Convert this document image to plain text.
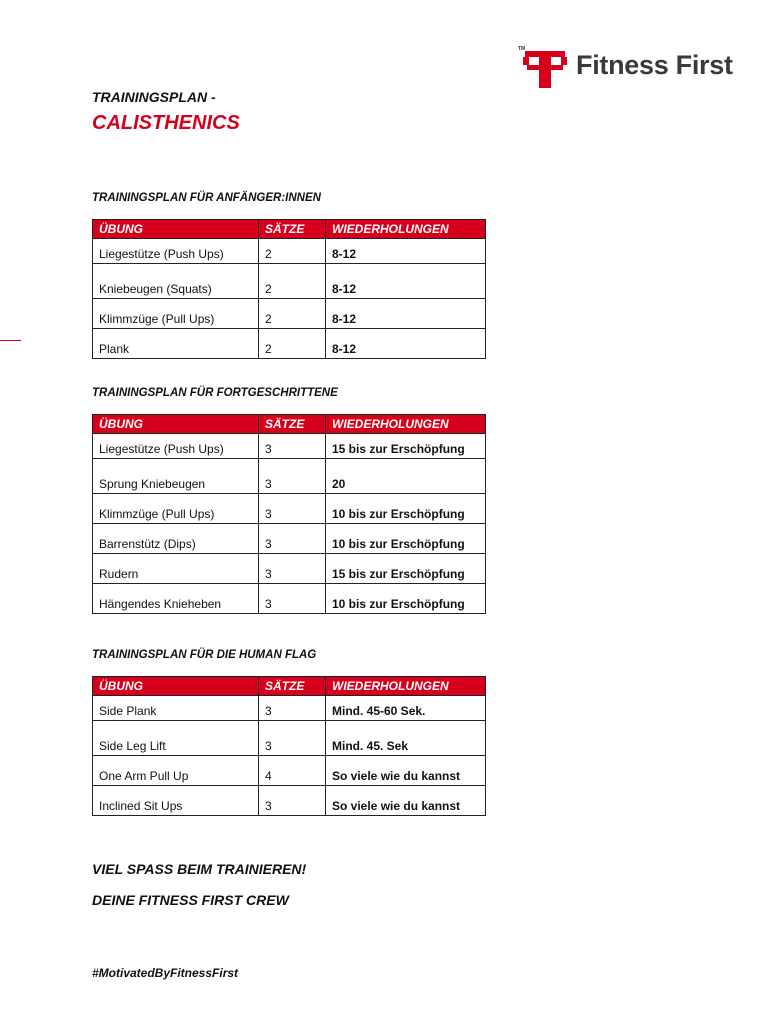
TM
Fitness First
TRAININGSPLAN -
CALISTHENICS
TRAININGSPLAN FÜR ANFÄNGER:INNEN
ÜBUNG	SÄTZE	WIEDERHOLUNGEN
Liegestütze (Push Ups)	2	8-12
Kniebeugen (Squats)	2	8-12
Klimmzüge (Pull Ups)	2	8-12
Plank	2	8-12
TRAININGSPLAN FÜR FORTGESCHRITTENE
ÜBUNG	SÄTZE	WIEDERHOLUNGEN
Liegestütze (Push Ups)	3	15 bis zur Erschöpfung
Sprung Kniebeugen	3	20
Klimmzüge (Pull Ups)	3	10 bis zur Erschöpfung
Barrenstütz (Dips)	3	10 bis zur Erschöpfung
Rudern	3	15 bis zur Erschöpfung
Hängendes Knieheben	3	10 bis zur Erschöpfung
TRAININGSPLAN FÜR DIE HUMAN FLAG
ÜBUNG	SÄTZE	WIEDERHOLUNGEN
Side Plank	3	Mind. 45-60 Sek.
Side Leg Lift	3	Mind. 45. Sek
One Arm Pull Up	4	So viele wie du kannst
Inclined Sit Ups	3	So viele wie du kannst
VIEL SPASS BEIM TRAINIEREN!
DEINE FITNESS FIRST CREW
#MotivatedByFitnessFirst
